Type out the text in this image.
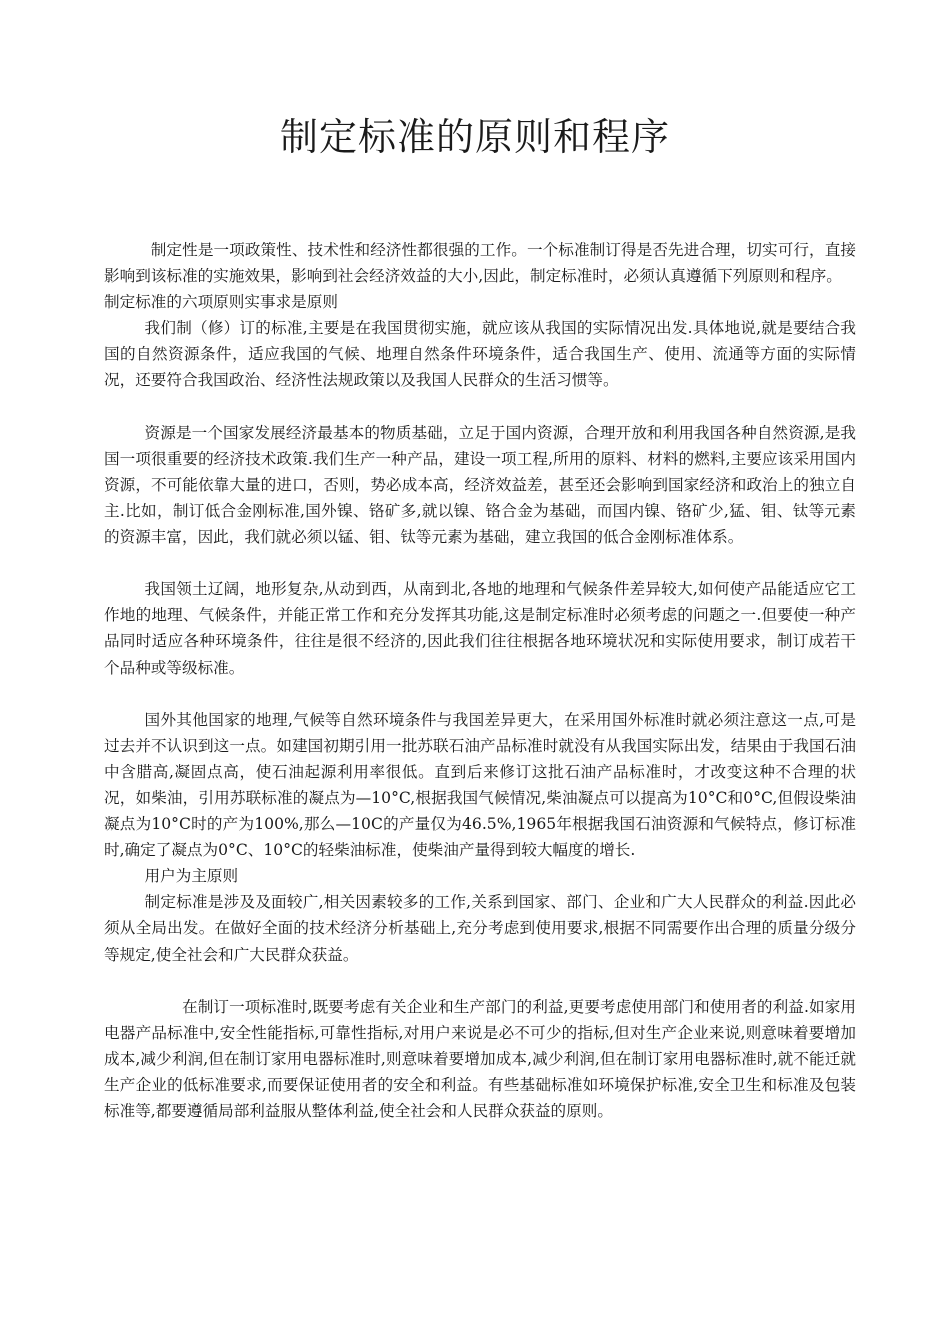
制定标准的原则和程序

制定性是一项政策性、技术性和经济性都很强的工作。一个标准制订得是否先进合理，切实可行，直接影响到该标准的实施效果，影响到社会经济效益的大小,因此，制定标准时，必须认真遵循下列原则和程序。

制定标准的六项原则实事求是原则

我们制（修）订的标准,主要是在我国贯彻实施，就应该从我国的实际情况出发.具体地说,就是要结合我国的自然资源条件，适应我国的气候、地理自然条件环境条件，适合我国生产、使用、流通等方面的实际情况，还要符合我国政治、经济性法规政策以及我国人民群众的生活习惯等。

资源是一个国家发展经济最基本的物质基础，立足于国内资源，合理开放和利用我国各种自然资源,是我国一项很重要的经济技术政策.我们生产一种产品，建设一项工程,所用的原料、材料的燃料,主要应该采用国内资源，不可能依靠大量的进口，否则，势必成本高，经济效益差，甚至还会影响到国家经济和政治上的独立自主.比如，制订低合金刚标准,国外镍、铬矿多,就以镍、铬合金为基础，而国内镍、铬矿少,猛、钼、钛等元素的资源丰富，因此，我们就必须以锰、钼、钛等元素为基础，建立我国的低合金刚标准体系。

我国领土辽阔，地形复杂,从动到西，从南到北,各地的地理和气候条件差异较大,如何使产品能适应它工作地的地理、气候条件，并能正常工作和充分发挥其功能,这是制定标准时必须考虑的问题之一.但要使一种产品同时适应各种环境条件，往往是很不经济的,因此我们往往根据各地环境状况和实际使用要求，制订成若干个品种或等级标准。

国外其他国家的地理,气候等自然环境条件与我国差异更大，在采用国外标准时就必须注意这一点,可是过去并不认识到这一点。如建国初期引用一批苏联石油产品标准时就没有从我国实际出发，结果由于我国石油中含腊高,凝固点高，使石油起源利用率很低。直到后来修订这批石油产品标准时，才改变这种不合理的状况，如柴油，引用苏联标准的凝点为—10°C,根据我国气候情况,柴油凝点可以提高为10°C和0°C,但假设柴油凝点为10°C时的产为100%,那么—10C的产量仅为46.5%,1965年根据我国石油资源和气候特点，修订标准时,确定了凝点为0°C、10°C的轻柴油标准，使柴油产量得到较大幅度的增长.

用户为主原则

制定标准是涉及及面较广,相关因素较多的工作,关系到国家、部门、企业和广大人民群众的利益.因此必须从全局出发。在做好全面的技术经济分析基础上,充分考虑到使用要求,根据不同需要作出合理的质量分级分等规定,使全社会和广大民群众获益。

在制订一项标准时,既要考虑有关企业和生产部门的利益,更要考虑使用部门和使用者的利益.如家用电器产品标准中,安全性能指标,可靠性指标,对用户来说是必不可少的指标,但对生产企业来说,则意味着要增加成本,减少利润,但在制订家用电器标准时,则意味着要增加成本,减少利润,但在制订家用电器标准时,就不能迁就生产企业的低标准要求,而要保证使用者的安全和利益。有些基础标准如环境保护标准,安全卫生和标准及包装标准等,都要遵循局部利益服从整体利益,使全社会和人民群众获益的原则。
